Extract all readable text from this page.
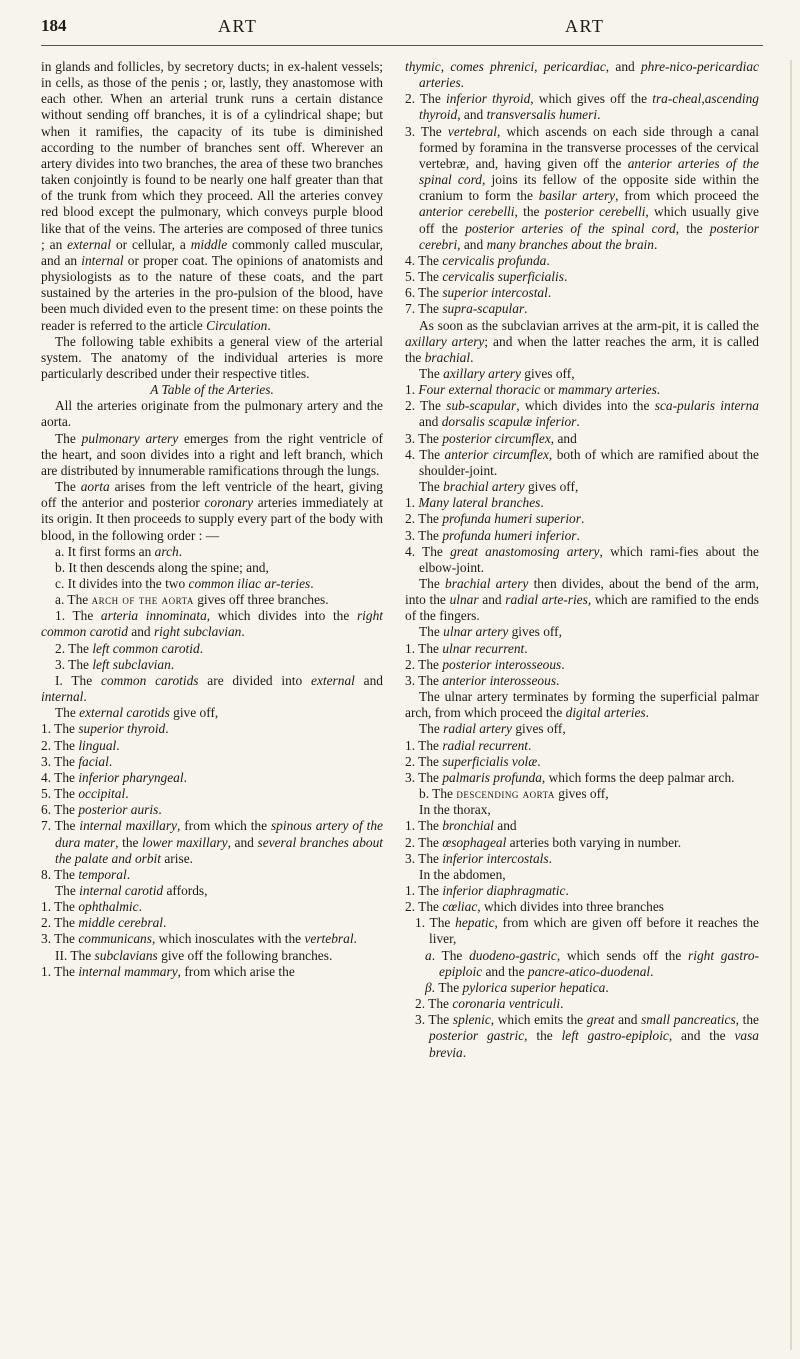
184	ART	ART

in glands and follicles, by secretory ducts; in ex-halent vessels; in cells, as those of the penis ; or, lastly, they anastomose with each other. When an arterial trunk runs a certain distance without sending off branches, it is of a cylindrical shape; but when it ramifies, the capacity of its tube is diminished according to the number of branches sent off. Wherever an artery divides into two branches, the area of these two branches taken conjointly is found to be nearly one half greater than that of the trunk from which they proceed. All the arteries convey red blood except the pulmonary, which conveys purple blood like that of the veins. The arteries are composed of three tunics ; an external or cellular, a middle commonly called muscular, and an internal or proper coat. The opinions of anatomists and physiologists as to the nature of these coats, and the part sustained by the arteries in the pro-pulsion of the blood, have been much divided even to the present time: on these points the reader is referred to the article Circulation.

The following table exhibits a general view of the arterial system. The anatomy of the individual arteries is more particularly described under their respective titles.

A Table of the Arteries.

All the arteries originate from the pulmonary artery and the aorta.

The pulmonary artery emerges from the right ventricle of the heart, and soon divides into a right and left branch, which are distributed by innumerable ramifications through the lungs.

The aorta arises from the left ventricle of the heart, giving off the anterior and posterior coronary arteries immediately at its origin. It then proceeds to supply every part of the body with blood, in the following order : —

a. It first forms an arch.

b. It then descends along the spine; and,

c. It divides into the two common iliac ar-teries.

a. The arch of the aorta gives off three branches.

1. The arteria innominata, which divides into the right common carotid and right subclavian.

2. The left common carotid.

3. The left subclavian.

I. The common carotids are divided into external and internal.

The external carotids give off,

1. The superior thyroid.

2. The lingual.

3. The facial.

4. The inferior pharyngeal.

5. The occipital.

6. The posterior auris.

7. The internal maxillary, from which the spinous artery of the dura mater, the lower maxillary, and several branches about the palate and orbit arise.

8. The temporal.

The internal carotid affords,

1. The ophthalmic.

2. The middle cerebral.

3. The communicans, which inosculates with the vertebral.

II. The subclavians give off the following branches.

1. The internal mammary, from which arise the

thymic, comes phrenici, pericardiac, and phre-nico-pericardiac arteries.

2. The inferior thyroid, which gives off the tra-cheal,ascending thyroid, and transversalis humeri.

3. The vertebral, which ascends on each side through a canal formed by foramina in the transverse processes of the cervical vertebræ, and, having given off the anterior arteries of the spinal cord, joins its fellow of the opposite side within the cranium to form the basilar artery, from which proceed the anterior cerebelli, the posterior cerebelli, which usually give off the posterior arteries of the spinal cord, the posterior cerebri, and many branches about the brain.

4. The cervicalis profunda.

5. The cervicalis superficialis.

6. The superior intercostal.

7. The supra-scapular.

As soon as the subclavian arrives at the arm-pit, it is called the axillary artery; and when the latter reaches the arm, it is called the brachial.

The axillary artery gives off,

1. Four external thoracic or mammary arteries.

2. The sub-scapular, which divides into the sca-pularis interna and dorsalis scapulæ inferior.

3. The posterior circumflex, and

4. The anterior circumflex, both of which are ramified about the shoulder-joint.

The brachial artery gives off,

1. Many lateral branches.

2. The profunda humeri superior.

3. The profunda humeri inferior.

4. The great anastomosing artery, which rami-fies about the elbow-joint.

The brachial artery then divides, about the bend of the arm, into the ulnar and radial arte-ries, which are ramified to the ends of the fingers.

The ulnar artery gives off,

1. The ulnar recurrent.

2. The posterior interosseous.

3. The anterior interosseous.

The ulnar artery terminates by forming the superficial palmar arch, from which proceed the digital arteries.

The radial artery gives off,

1. The radial recurrent.

2. The superficialis volæ.

3. The palmaris profunda, which forms the deep palmar arch.

b. The descending aorta gives off,

In the thorax,

1. The bronchial and

2. The œsophageal arteries both varying in number.

3. The inferior intercostals.

In the abdomen,

1. The inferior diaphragmatic.

2. The cœliac, which divides into three branches

1. The hepatic, from which are given off before it reaches the liver,

a. The duodeno-gastric, which sends off the right gastro-epiploic and the pancre-atico-duodenal.

β. The pylorica superior hepatica.

2. The coronaria ventriculi.

3. The splenic, which emits the great and small pancreatics, the posterior gastric, the left gastro-epiploic, and the vasa brevia.
